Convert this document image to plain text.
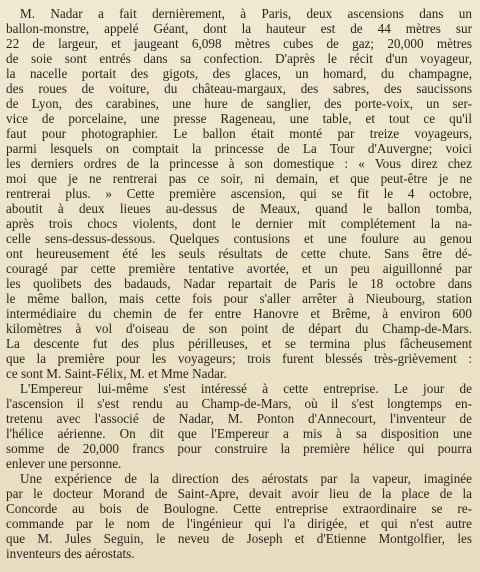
M. Nadar a fait dernièrement, à Paris, deux ascensions dans un
ballon-monstre, appelé Géant, dont la hauteur est de 44 mètres sur
22 de largeur, et jaugeant 6,098 mètres cubes de gaz; 20,000 mètres
de soie sont entrés dans sa confection. D'après le récit d'un voyageur,
la nacelle portait des gigots, des glaces, un homard, du champagne,
des roues de voiture, du château-margaux, des sabres, des saucissons
de Lyon, des carabines, une hure de sanglier, des porte-voix, un ser-
vice de porcelaine, une presse Rageneau, une table, et tout ce qu'il
faut pour photographier. Le ballon était monté par treize voyageurs,
parmi lesquels on comptait la princesse de La Tour d'Auvergne; voici
les derniers ordres de la princesse à son domestique : « Vous direz chez
moi que je ne rentrerai pas ce soir, ni demain, et que peut-être je ne
rentrerai plus. » Cette première ascension, qui se fit le 4 octobre,
aboutit à deux lieues au-dessus de Meaux, quand le ballon tomba,
après trois chocs violents, dont le dernier mit complétement la na-
celle sens-dessus-dessous. Quelques contusions et une foulure au genou
ont heureusement été les seuls résultats de cette chute. Sans être dé-
couragé par cette première tentative avortée, et un peu aiguillonné par
les quolibets des badauds, Nadar repartait de Paris le 18 octobre dans
le même ballon, mais cette fois pour s'aller arrêter à Nieubourg, station
intermédiaire du chemin de fer entre Hanovre et Brême, à environ 600
kilomètres à vol d'oiseau de son point de départ du Champ-de-Mars.
La descente fut des plus périlleuses, et se termina plus fâcheusement
que la première pour les voyageurs; trois furent blessés très-grièvement :
ce sont M. Saint-Félix, M. et Mme Nadar.
L'Empereur lui-même s'est intéressé à cette entreprise. Le jour de
l'ascension il s'est rendu au Champ-de-Mars, où il s'est longtemps en-
tretenu avec l'associé de Nadar, M. Ponton d'Annecourt, l'inventeur de
l'hélice aérienne. On dit que l'Empereur a mis à sa disposition une
somme de 20,000 francs pour construire la première hélice qui pourra
enlever une personne.
Une expérience de la direction des aérostats par la vapeur, imaginée
par le docteur Morand de Saint-Apre, devait avoir lieu de la place de la
Concorde au bois de Boulogne. Cette entreprise extraordinaire se re-
commande par le nom de l'ingénieur qui l'a dirigée, et qui n'est autre
que M. Jules Seguin, le neveu de Joseph et d'Etienne Montgolfier, les
inventeurs des aérostats.
